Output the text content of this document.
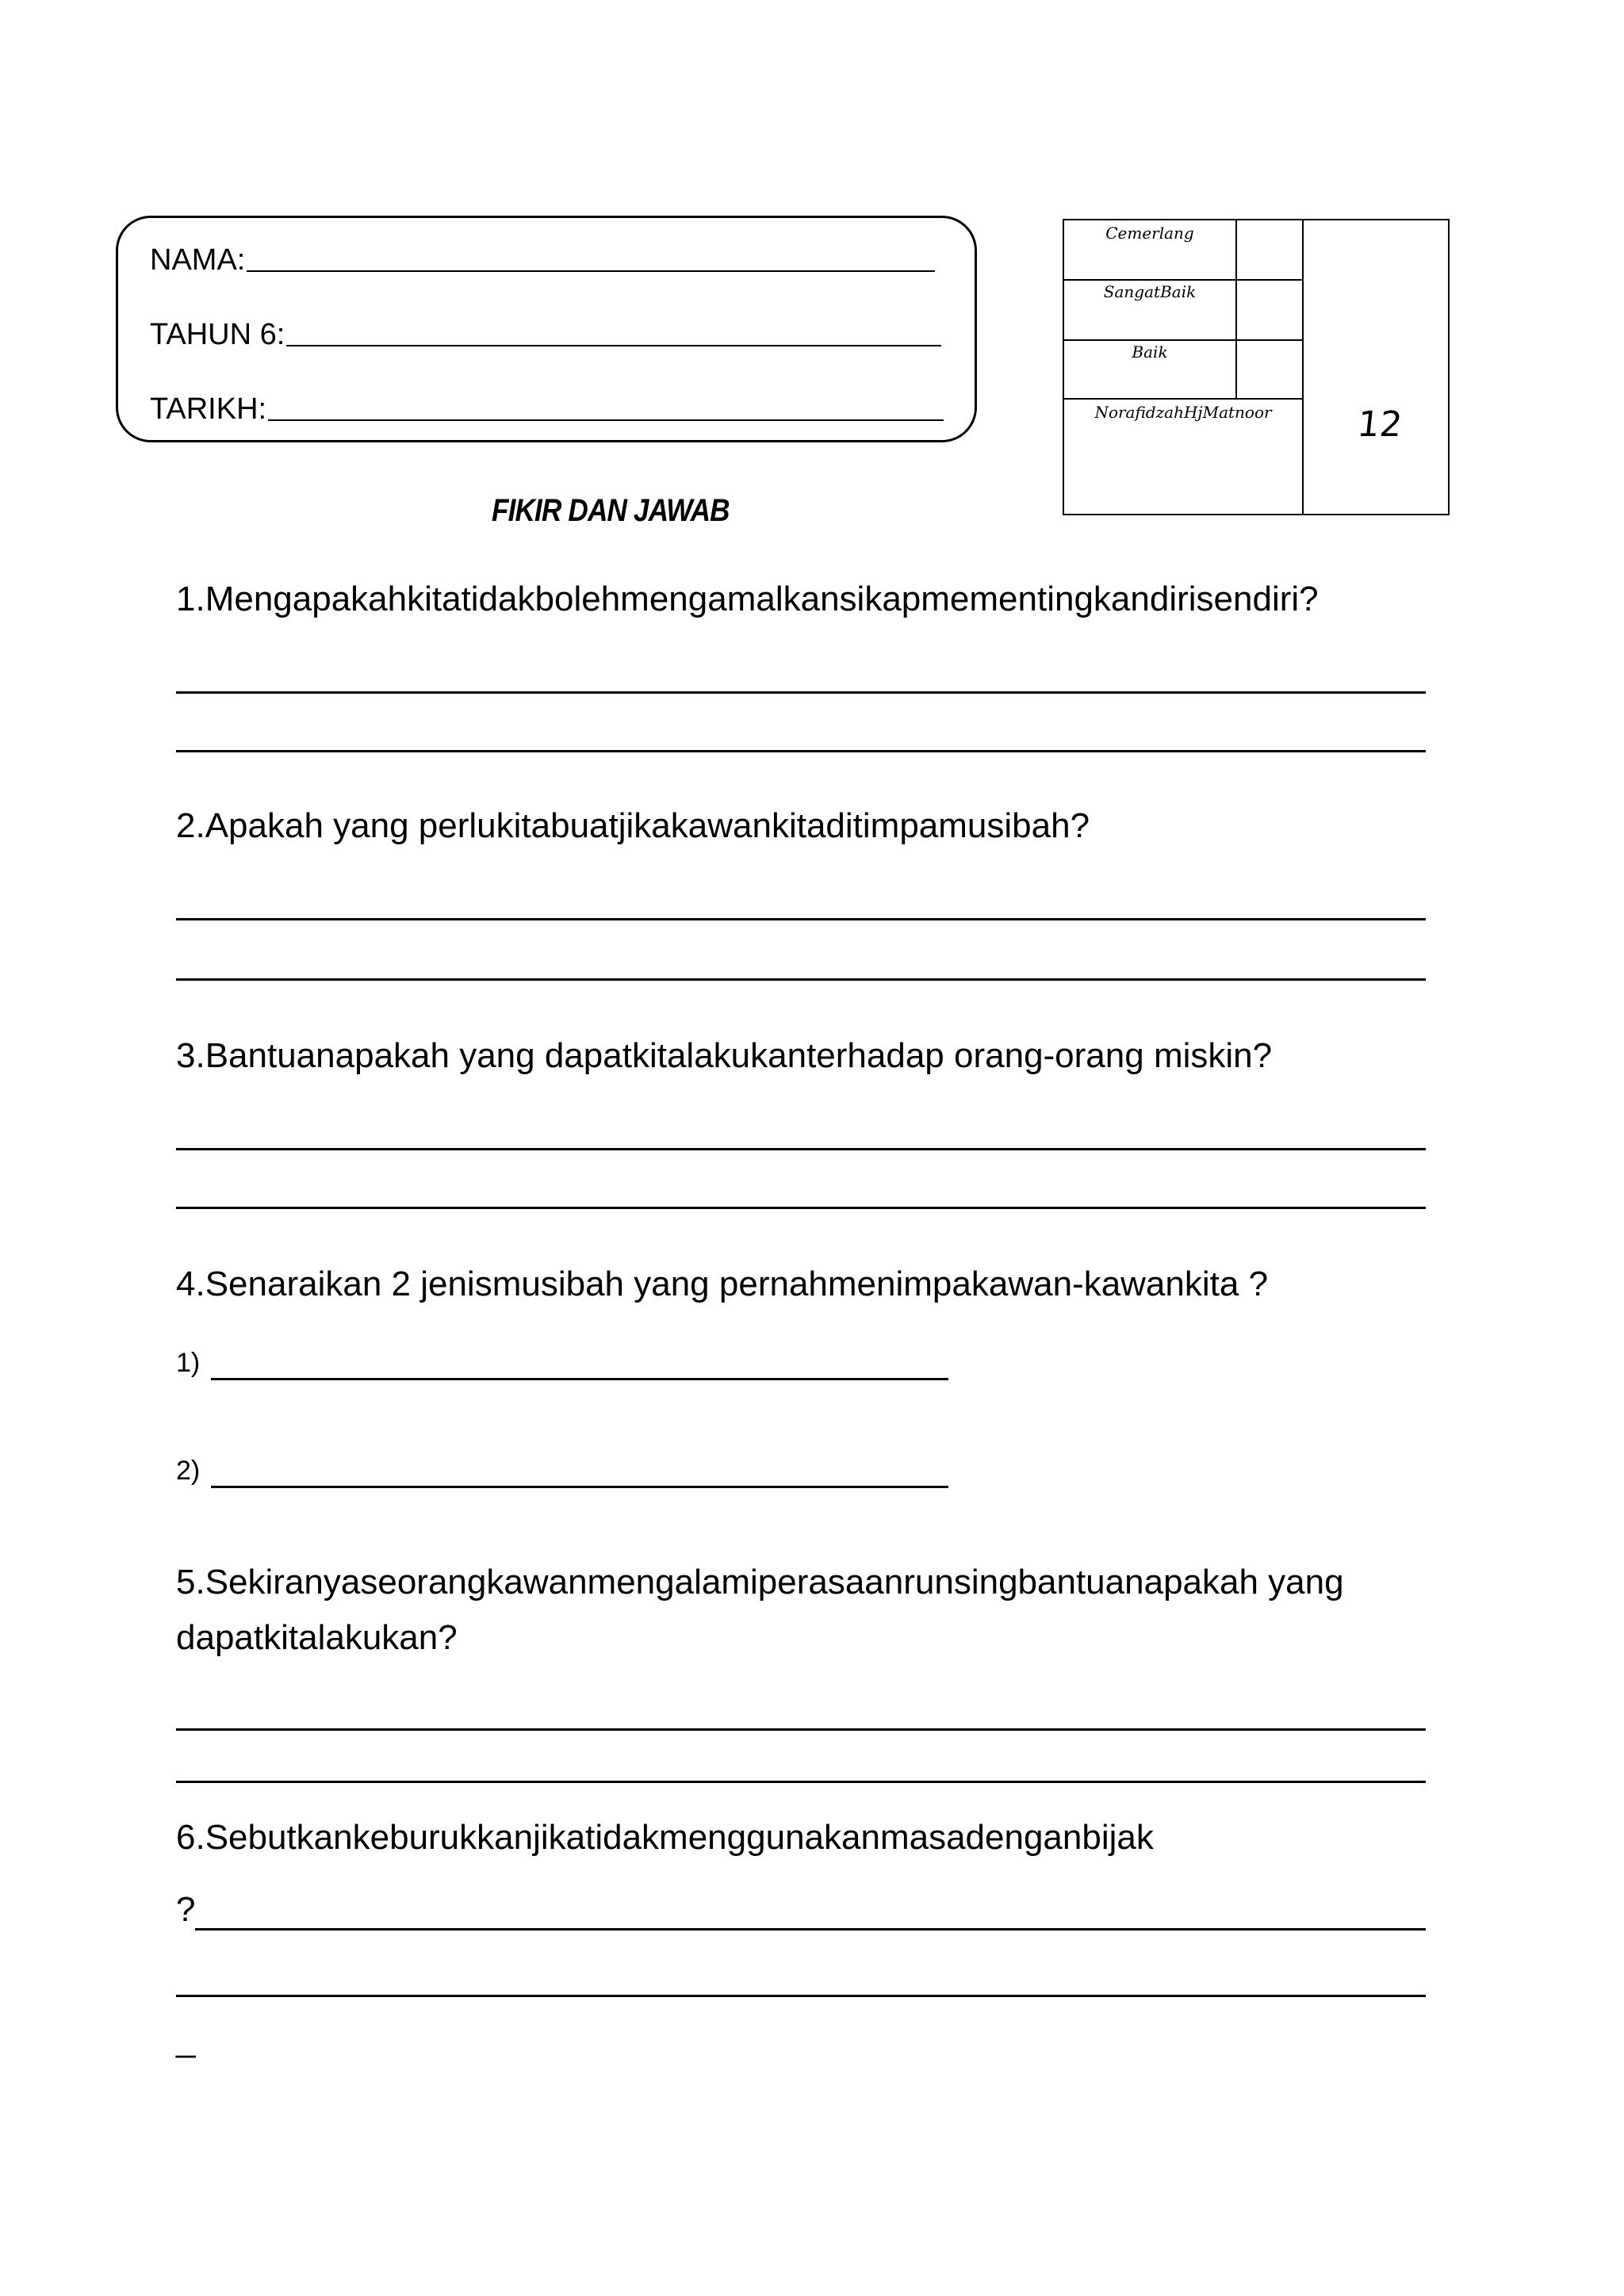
NAMA:
TAHUN 6:
TARIKH:
Cemerlang
SangatBaik
Baik
NorafidzahHjMatnoor	12
FIKIR DAN JAWAB
1.Mengapakahkitatidakbolehmengamalkansikapmementingkandirisendiri?
2.Apakah yang perlukitabuatjikakawankitaditimpamusibah?
3.Bantuanapakah yang dapatkitalakukanterhadap orang-orang miskin?
4.Senaraikan 2 jenismusibah yang pernahmenimpakawan-kawankita ?
1)
2)
5.Sekiranyaseorangkawanmengalamiperasaanrunsingbantuanapakah yang
dapatkitalakukan?
6.Sebutkankeburukkanjikatidakmenggunakanmasadenganbijak
?
_
